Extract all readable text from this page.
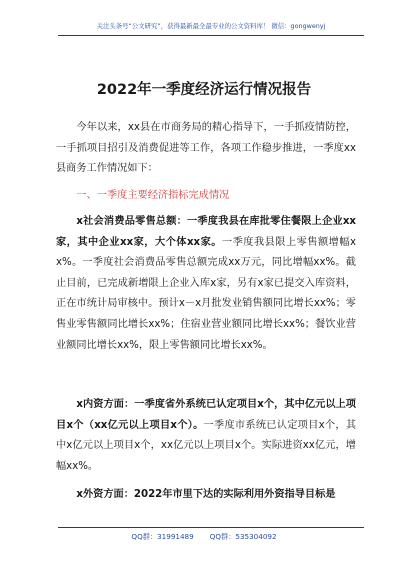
关注头条号“公文研究”，获得最新最全最专业的公文资料库！ 微信：gongwenyj
2022年一季度经济运行情况报告
今年以来，xx县在市商务局的精心指导下，一手抓疫情防控，一手抓项目招引及消费促进等工作，各项工作稳步推进，一季度xx县商务工作情况如下：
一、一季度主要经济指标完成情况
x社会消费品零售总额：一季度我县在库批零住餐限上企业xx家，其中企业xx家，大个体xx家。一季度我县限上零售额增幅xx%。一季度社会消费品零售总额完成xx万元，同比增幅xx%。截止目前，已完成新增限上企业入库x家，另有x家已提交入库资料，正在市统计局审核中。预计x－x月批发业销售额同比增长xx%；零售业零售额同比增长xx%；住宿业营业额同比增长xx%；餐饮业营业额同比增长xx%，限上零售额同比增长xx%。
x内资方面：一季度省外系统已认定项目x个，其中亿元以上项目x个（xx亿元以上项目x个）。一季度市系统已认定项目x个，其中x亿元以上项目x个，xx亿元以上项目x个。实际进资xx亿元，增幅xx%。
x外资方面：2022年市里下达的实际利用外资指导目标是
QQ群：31991489 QQ群：535304092
